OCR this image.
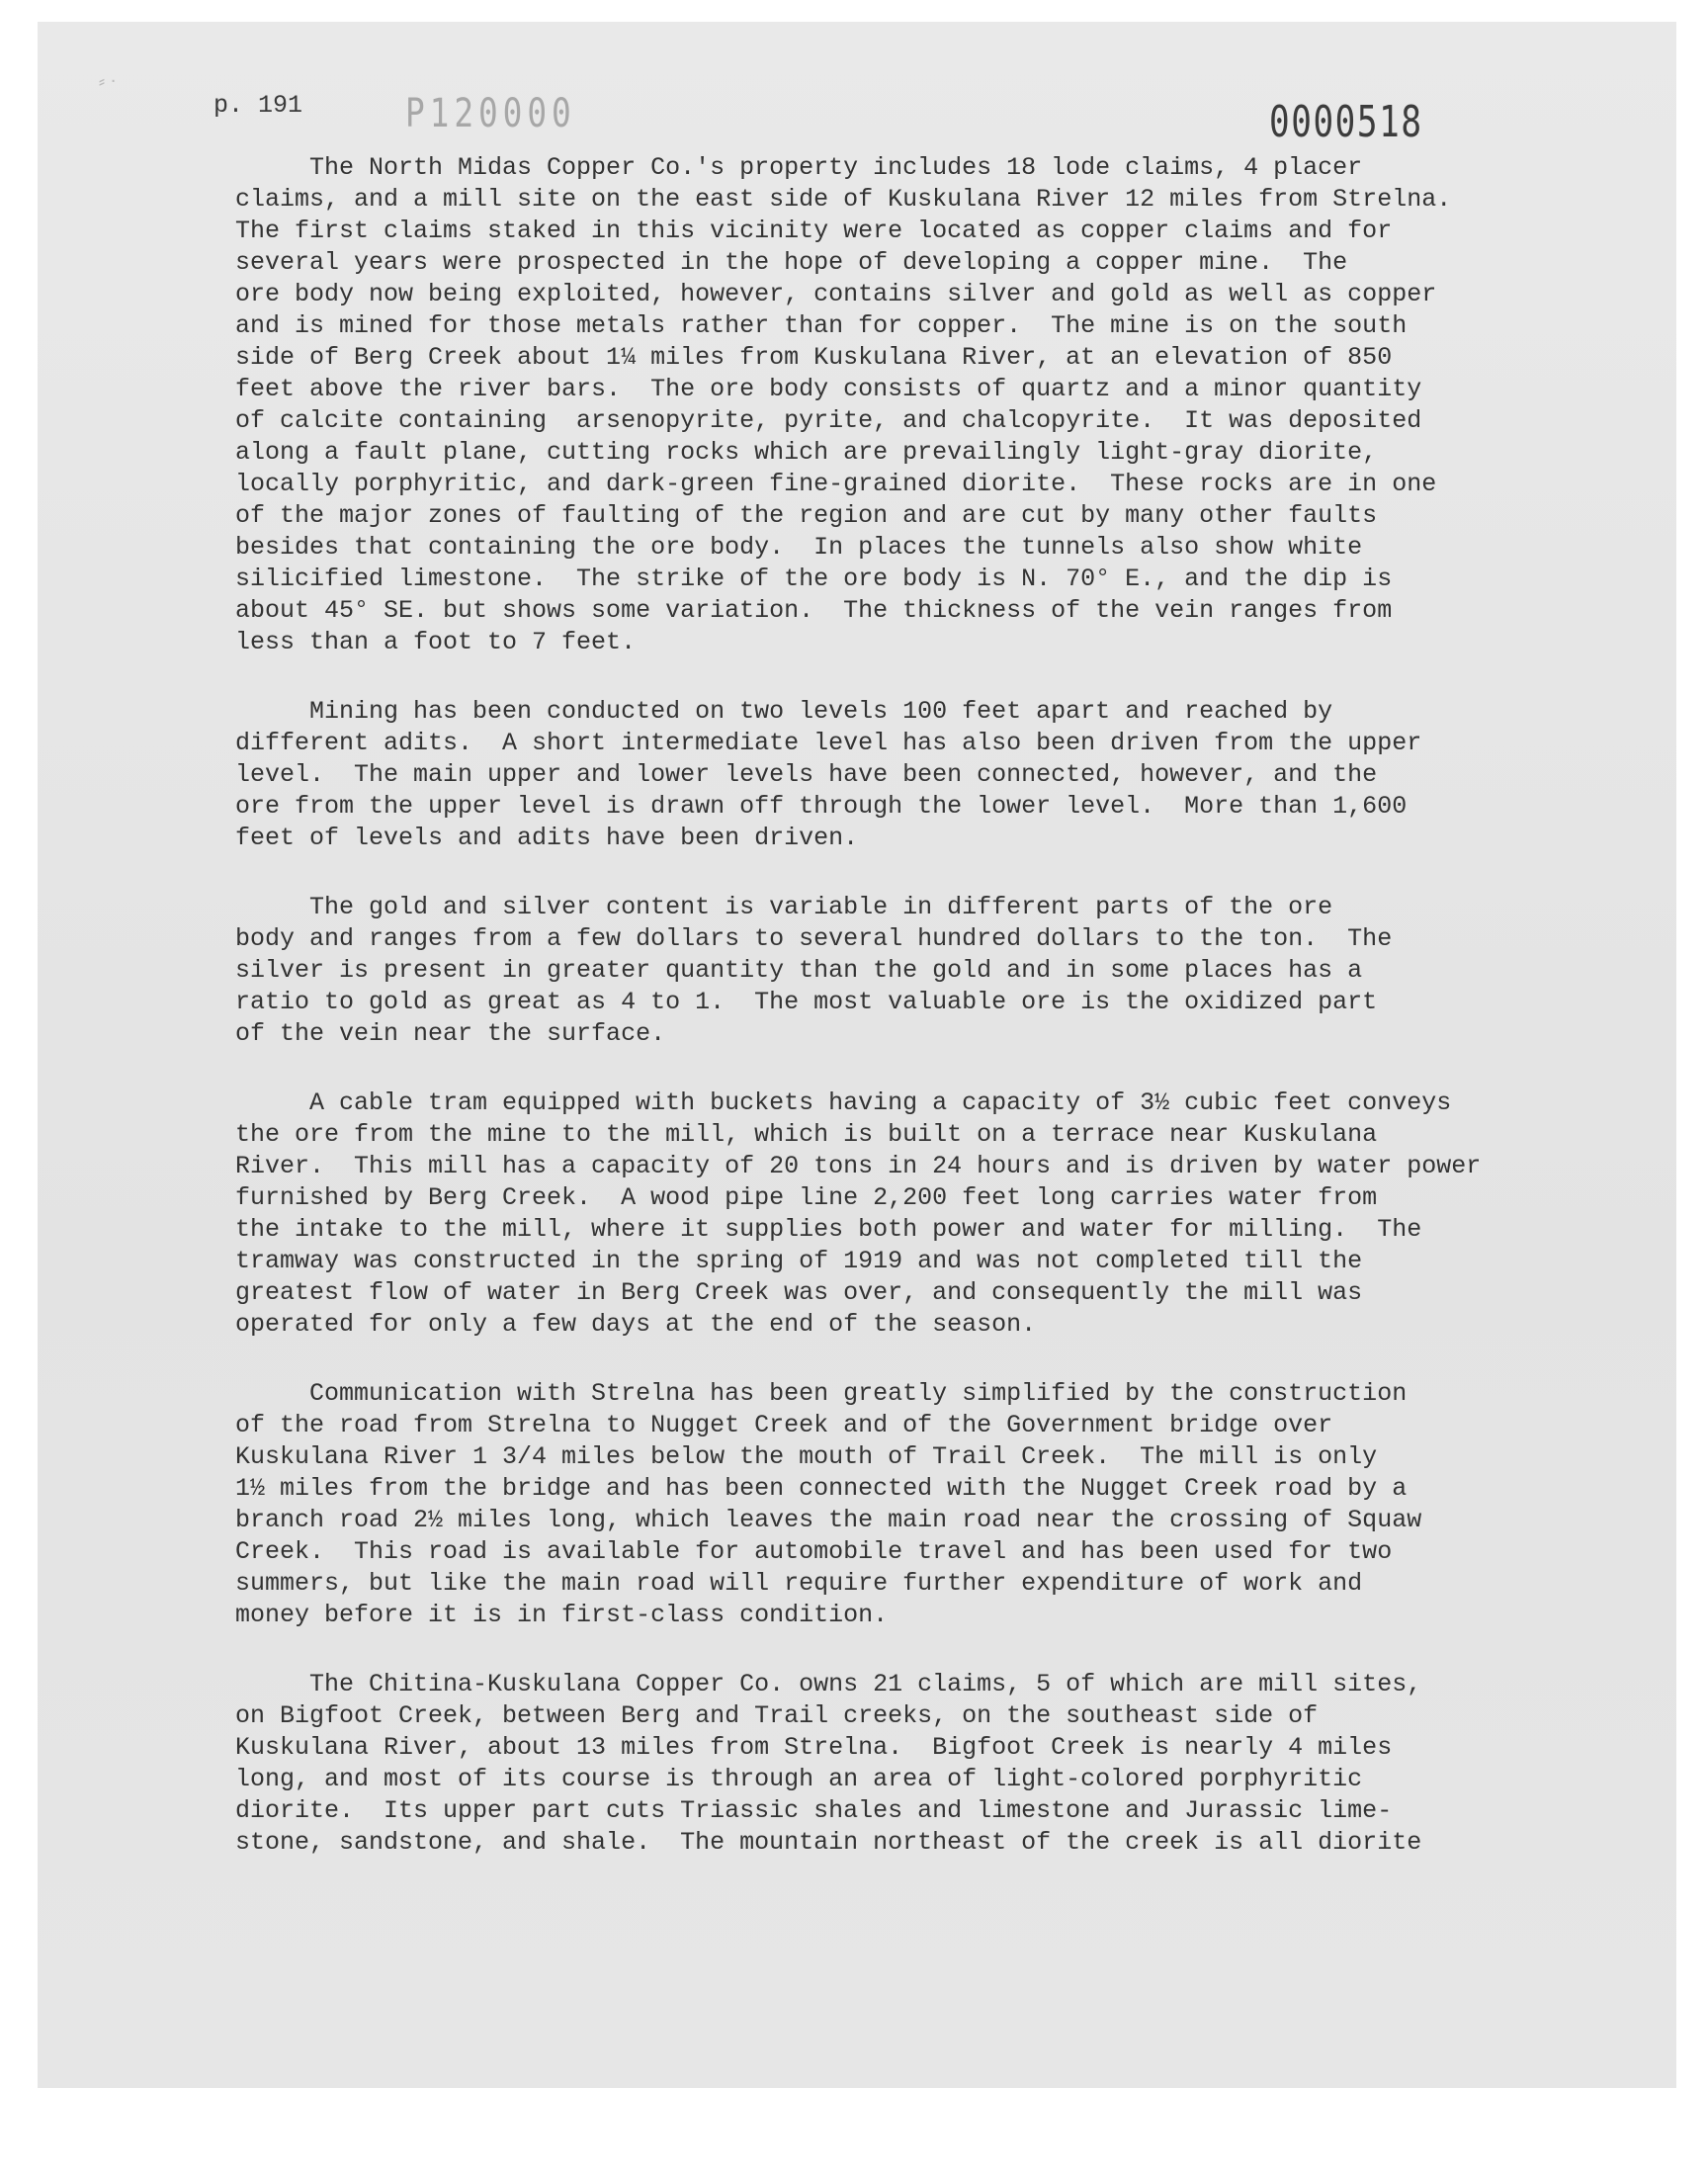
⸗ ·

p. 191	P120000	0000518
The North Midas Copper Co.'s property includes 18 lode claims, 4 placer
claims, and a mill site on the east side of Kuskulana River 12 miles from Strelna.
The first claims staked in this vicinity were located as copper claims and for
several years were prospected in the hope of developing a copper mine.  The
ore body now being exploited, however, contains silver and gold as well as copper
and is mined for those metals rather than for copper.  The mine is on the south
side of Berg Creek about 1¼ miles from Kuskulana River, at an elevation of 850
feet above the river bars.  The ore body consists of quartz and a minor quantity
of calcite containing  arsenopyrite, pyrite, and chalcopyrite.  It was deposited
along a fault plane, cutting rocks which are prevailingly light-gray diorite,
locally porphyritic, and dark-green fine-grained diorite.  These rocks are in one
of the major zones of faulting of the region and are cut by many other faults
besides that containing the ore body.  In places the tunnels also show white
silicified limestone.  The strike of the ore body is N. 70° E., and the dip is
about 45° SE. but shows some variation.  The thickness of the vein ranges from
less than a foot to 7 feet.
Mining has been conducted on two levels 100 feet apart and reached by
different adits.  A short intermediate level has also been driven from the upper
level.  The main upper and lower levels have been connected, however, and the
ore from the upper level is drawn off through the lower level.  More than 1,600
feet of levels and adits have been driven.
The gold and silver content is variable in different parts of the ore
body and ranges from a few dollars to several hundred dollars to the ton.  The
silver is present in greater quantity than the gold and in some places has a
ratio to gold as great as 4 to 1.  The most valuable ore is the oxidized part
of the vein near the surface.
A cable tram equipped with buckets having a capacity of 3½ cubic feet conveys
the ore from the mine to the mill, which is built on a terrace near Kuskulana
River.  This mill has a capacity of 20 tons in 24 hours and is driven by water power
furnished by Berg Creek.  A wood pipe line 2,200 feet long carries water from
the intake to the mill, where it supplies both power and water for milling.  The
tramway was constructed in the spring of 1919 and was not completed till the
greatest flow of water in Berg Creek was over, and consequently the mill was
operated for only a few days at the end of the season.
Communication with Strelna has been greatly simplified by the construction
of the road from Strelna to Nugget Creek and of the Government bridge over
Kuskulana River 1 3/4 miles below the mouth of Trail Creek.  The mill is only
1½ miles from the bridge and has been connected with the Nugget Creek road by a
branch road 2½ miles long, which leaves the main road near the crossing of Squaw
Creek.  This road is available for automobile travel and has been used for two
summers, but like the main road will require further expenditure of work and
money before it is in first-class condition.
The Chitina-Kuskulana Copper Co. owns 21 claims, 5 of which are mill sites,
on Bigfoot Creek, between Berg and Trail creeks, on the southeast side of
Kuskulana River, about 13 miles from Strelna.  Bigfoot Creek is nearly 4 miles
long, and most of its course is through an area of light-colored porphyritic
diorite.  Its upper part cuts Triassic shales and limestone and Jurassic lime-
stone, sandstone, and shale.  The mountain northeast of the creek is all diorite
